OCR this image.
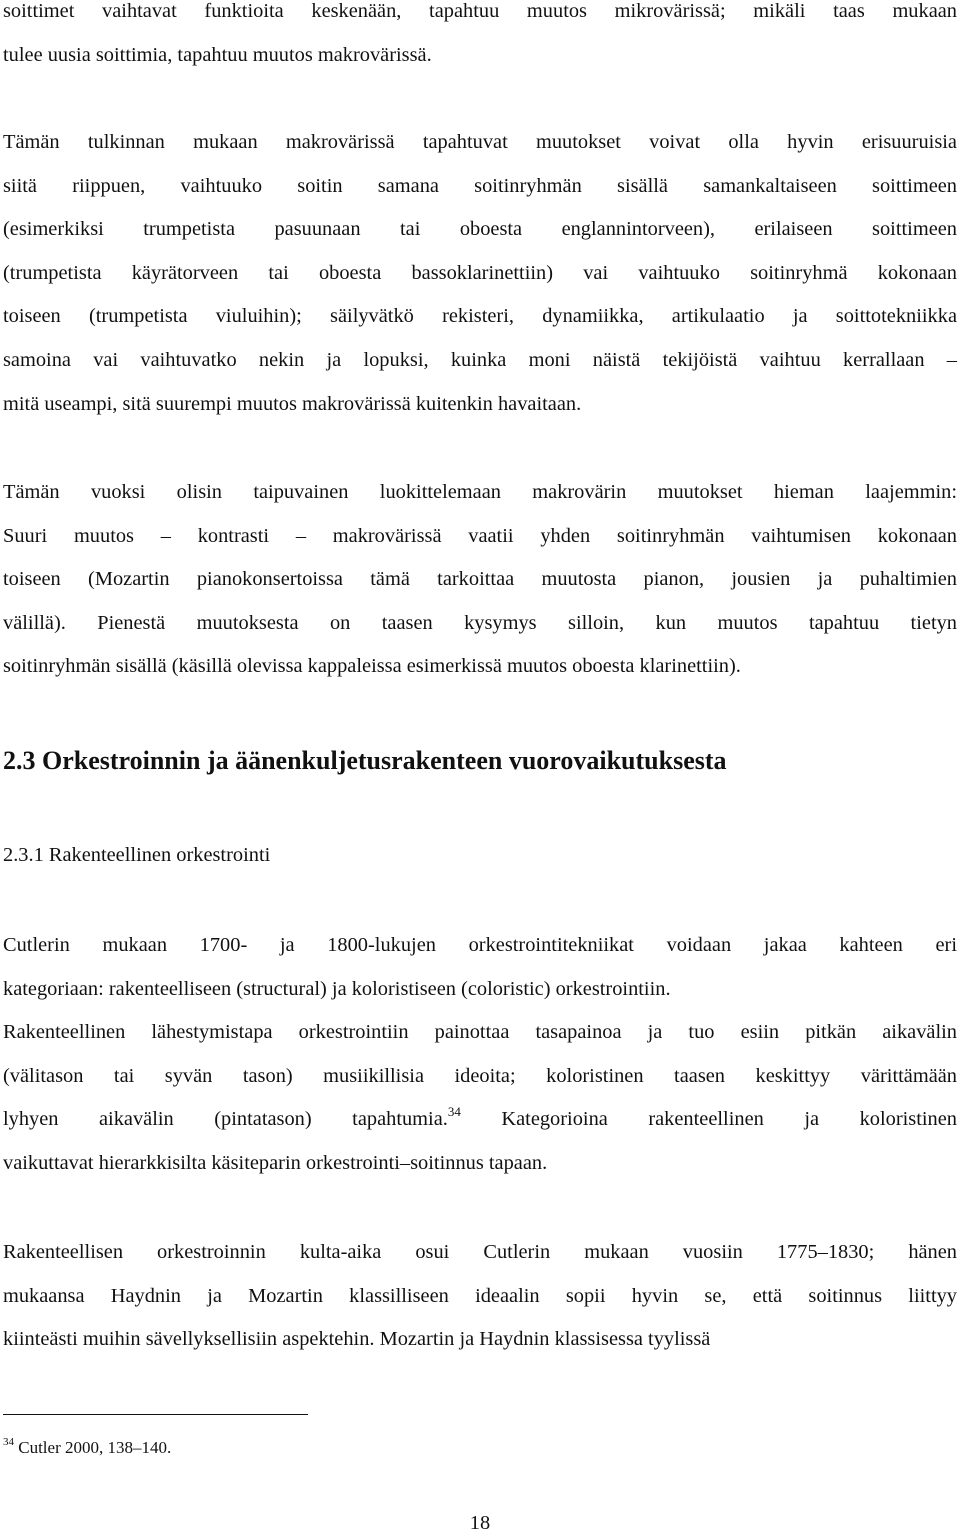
soittimet vaihtavat funktioita keskenään, tapahtuu muutos mikrovärissä; mikäli taas mukaan
tulee uusia soittimia, tapahtuu muutos makrovärissä.
Tämän tulkinnan mukaan makrovärissä tapahtuvat muutokset voivat olla hyvin erisuuruisia
siitä riippuen, vaihtuuko soitin samana soitinryhmän sisällä samankaltaiseen soittimeen
(esimerkiksi trumpetista pasuunaan tai oboesta englannintorveen), erilaiseen soittimeen
(trumpetista käyrätorveen tai oboesta bassoklarinettiin) vai vaihtuuko soitinryhmä kokonaan
toiseen (trumpetista viuluihin); säilyvätkö rekisteri, dynamiikka, artikulaatio ja soittotekniikka
samoina vai vaihtuvatko nekin ja lopuksi, kuinka moni näistä tekijöistä vaihtuu kerrallaan –
mitä useampi, sitä suurempi muutos makrovärissä kuitenkin havaitaan.
Tämän vuoksi olisin taipuvainen luokittelemaan makrovärin muutokset hieman laajemmin:
Suuri muutos – kontrasti – makrovärissä vaatii yhden soitinryhmän vaihtumisen kokonaan
toiseen (Mozartin pianokonsertoissa tämä tarkoittaa muutosta pianon, jousien ja puhaltimien
välillä). Pienestä muutoksesta on taasen kysymys silloin, kun muutos tapahtuu tietyn
soitinryhmän sisällä (käsillä olevissa kappaleissa esimerkissä muutos oboesta klarinettiin).
2.3 Orkestroinnin ja äänenkuljetusrakenteen vuorovaikutuksesta
2.3.1 Rakenteellinen orkestrointi
Cutlerin mukaan 1700- ja 1800-lukujen orkestrointitekniikat voidaan jakaa kahteen eri
kategoriaan: rakenteelliseen (structural) ja koloristiseen (coloristic) orkestrointiin.
Rakenteellinen lähestymistapa orkestrointiin painottaa tasapainoa ja tuo esiin pitkän aikavälin
(välitason tai syvän tason) musiikillisia ideoita; koloristinen taasen keskittyy värittämään
lyhyen aikavälin (pintatason) tapahtumia.$^{34}$ Kategorioina rakenteellinen ja koloristinen
vaikuttavat hierarkkisilta käsiteparin orkestrointi–soitinnus tapaan.
Rakenteellisen orkestroinnin kulta-aika osui Cutlerin mukaan vuosiin 1775–1830; hänen
mukaansa Haydnin ja Mozartin klassilliseen ideaalin sopii hyvin se, että soitinnus liittyy
kiinteästi muihin sävellyksellisiin aspektehin. Mozartin ja Haydnin klassisessa tyylissä
$^{34}$ Cutler 2000, 138–140.
18
